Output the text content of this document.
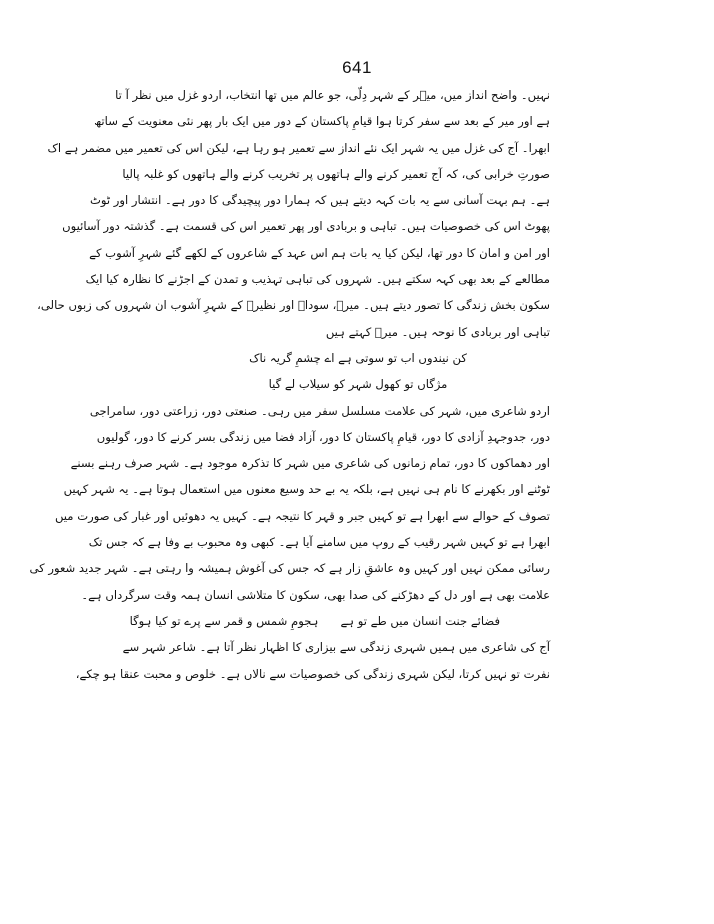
641
نہیں۔ واضح انداز میں، میؔر کے شہر دِلّی، جو عالم میں تھا انتخاب، اردو غزل میں نظر آ تا
ہے اور میر کے بعد سے سفر کرتا ہوا قیامِ پاکستان کے دور میں ایک بار پھر نئی معنویت کے ساتھ
ابھرا۔ آج کی غزل میں یہ شہر ایک نئے انداز سے تعمیر ہو رہا ہے، لیکن اس کی تعمیر میں مضمر ہے اک
صورتِ خرابی کی، کہ آج تعمیر کرنے والے ہاتھوں پر تخریب کرنے والے ہاتھوں کو غلبہ پالیا
ہے۔ ہم بہت آسانی سے یہ بات کہہ دیتے ہیں کہ ہمارا دور پیچیدگی کا دور ہے۔ انتشار اور ٹوٹ
پھوٹ اس کی خصوصیات ہیں۔ تباہی و بربادی اور پھر تعمیر اس کی قسمت ہے۔ گذشتہ دور آسائیوں
اور امن و امان کا دور تھا، لیکن کیا یہ بات ہم اس عہد کے شاعروں کے لکھے گئے شہرِ آشوب کے
مطالعے کے بعد بھی کہہ سکتے ہیں۔ شہروں کی تباہی تہذیب و تمدن کے اجڑنے کا نظارہ کیا ایک
سکون بخش زندگی کا تصور دیتے ہیں۔ میرؔ، سوداؔ اور نظیرؔ کے شہرِ آشوب ان شہروں کی زبوں حالی،
تباہی اور بربادی کا نوحہ ہیں۔ میرؔ کہتے ہیں
کن نیندوں اب تو سوتی ہے اے چشمِ گریہ ناک
مژگاں تو کھول شہر کو سیلاب لے گیا
اردو شاعری میں، شہر کی علامت مسلسل سفر میں رہی۔ صنعتی دور، زراعتی دور، سامراجی
دور، جدوجہدِ آزادی کا دور، قیامِ پاکستان کا دور، آزاد فضا میں زندگی بسر کرنے کا دور، گولیوں
اور دھماکوں کا دور، تمام زمانوں کی شاعری میں شہر کا تذکرہ موجود ہے۔ شہر صرف رہنے بسنے
ٹوٹنے اور بکھرنے کا نام ہی نہیں ہے، بلکہ یہ بے حد وسیع معنوں میں استعمال ہوتا ہے۔ یہ شہر کہیں
تصوف کے حوالے سے ابھرا ہے تو کہیں جبر و قہر کا نتیجہ ہے۔ کہیں یہ دھوئیں اور غبار کی صورت میں
ابھرا ہے تو کہیں شہر رقیب کے روپ میں سامنے آیا ہے۔ کبھی وہ محبوب بے وفا ہے کہ جس تک
رسائی ممکن نہیں اور کہیں وہ عاشقِ زار ہے کہ جس کی آغوش ہمیشہ وا رہتی ہے۔ شہر جدید شعور کی
علامت بھی ہے اور دل کے دھڑکنے کی صدا بھی، سکون کا متلاشی انسان ہمہ وقت سرگرداں ہے۔
فضائے جنت انسان میں طے تو ہےہجومِ شمس و قمر سے پرے تو کیا ہوگا
آج کی شاعری میں ہمیں شہری زندگی سے بیزاری کا اظہار نظر آتا ہے۔ شاعر شہر سے
نفرت تو نہیں کرتا، لیکن شہری زندگی کی خصوصیات سے نالاں ہے۔ خلوص و محبت عنقا ہو چکے،
